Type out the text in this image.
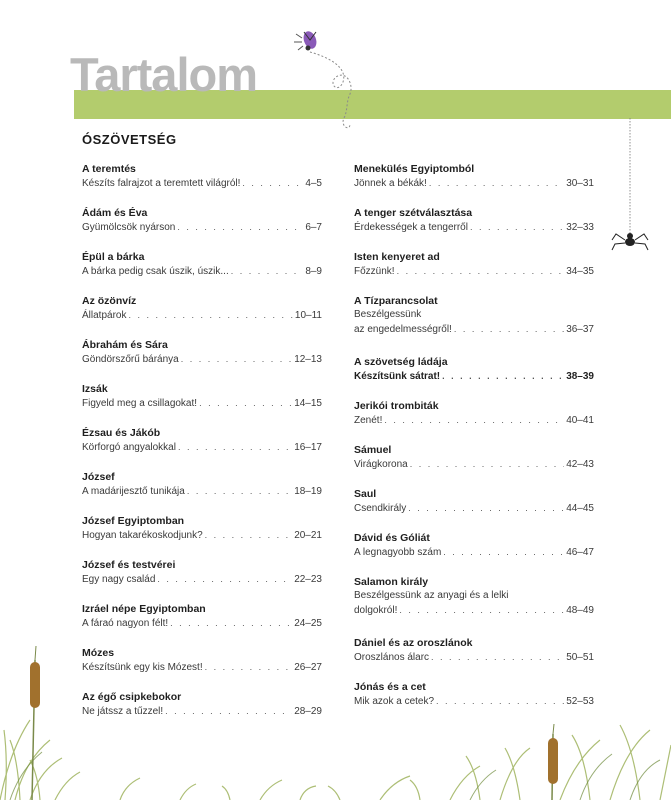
Tartalom
ÓSZÖVETSÉG
A teremtés
Készíts falrajzot a teremtett világról! . . .	4–5
Ádám és Éva
Gyümölcsök nyárson . . .	6–7
Épül a bárka
A bárka pedig csak úszik, úszik... . . .	8–9
Az özönvíz
Állatpárok . . .	10–11
Ábrahám és Sára
Göndörszőrű báránya . . .	12–13
Izsák
Figyeld meg a csillagokat! . . .	14–15
Ézsau és Jákób
Körforgó angyalokkal . . .	16–17
József
A madárijesztő tunikája . . .	18–19
József Egyiptomban
Hogyan takarékoskodjunk? . . .	20–21
József és testvérei
Egy nagy család . . .	22–23
Izráel népe Egyiptomban
A fáraó nagyon félt! . . .	24–25
Mózes
Készítsünk egy kis Mózest! . . .	26–27
Az égő csipkebokor
Ne játssz a tűzzel! . . .	28–29
Menekülés Egyiptomból
Jönnek a békák! . . .	30–31
A tenger szétválasztása
Érdekességek a tengerről . . .	32–33
Isten kenyeret ad
Főzzünk! . . .	34–35
A Tízparancsolat
Beszélgessünk
az engedelmességről! . . .	36–37
A szövetség ládája
Készítsünk sátrat! . . .	38–39
Jerikói trombiták
Zenét! . . .	40–41
Sámuel
Virágkorona . . .	42–43
Saul
Csendkirály . . .	44–45
Dávid és Góliát
A legnagyobb szám . . .	46–47
Salamon király
Beszélgessünk az anyagi és a lelki
dolgokról! . . .	48–49
Dániel és az oroszlánok
Oroszlános álarc . . .	50–51
Jónás és a cet
Mik azok a cetek? . . .	52–53
